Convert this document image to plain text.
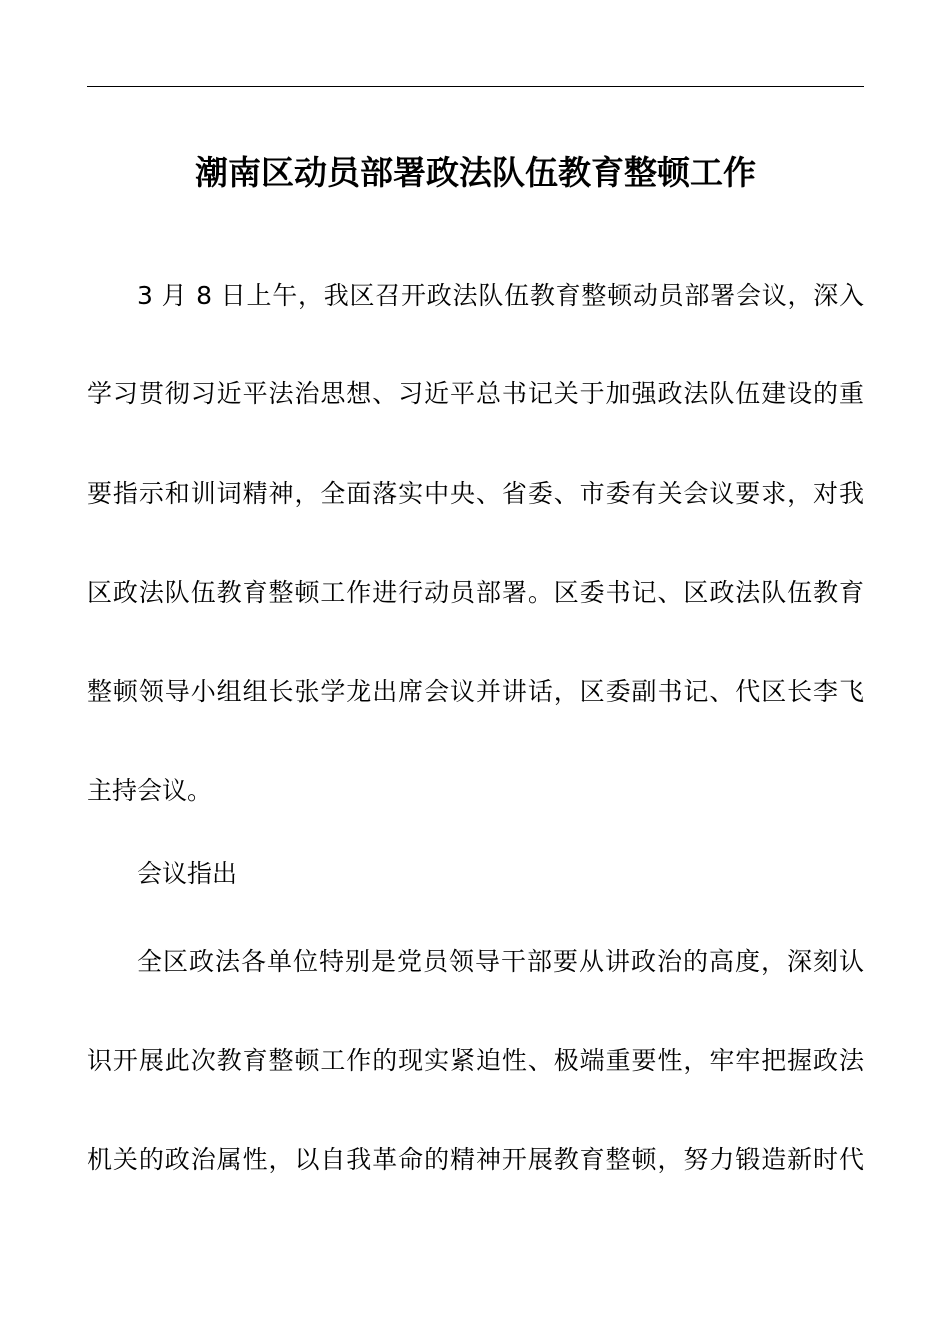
潮南区动员部署政法队伍教育整顿工作
3 月 8 日上午，我区召开政法队伍教育整顿动员部署会议，深入
学习贯彻习近平法治思想、习近平总书记关于加强政法队伍建设的重
要指示和训词精神，全面落实中央、省委、市委有关会议要求，对我
区政法队伍教育整顿工作进行动员部署。区委书记、区政法队伍教育
整顿领导小组组长张学龙出席会议并讲话，区委副书记、代区长李飞
主持会议。
会议指出
全区政法各单位特别是党员领导干部要从讲政治的高度，深刻认
识开展此次教育整顿工作的现实紧迫性、极端重要性，牢牢把握政法
机关的政治属性，以自我革命的精神开展教育整顿，努力锻造新时代
